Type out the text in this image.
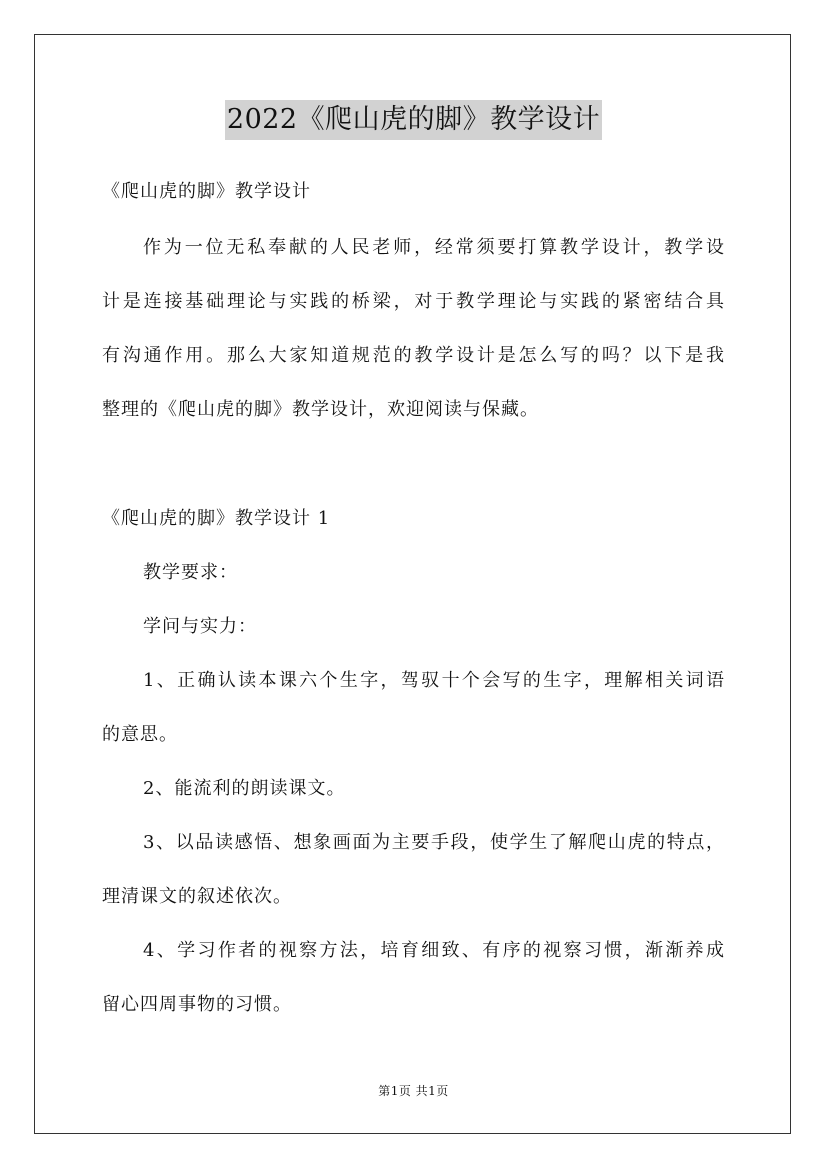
2022《爬山虎的脚》教学设计
《爬山虎的脚》教学设计
作为一位无私奉献的人民老师，经常须要打算教学设计，教学设
计是连接基础理论与实践的桥梁，对于教学理论与实践的紧密结合具
有沟通作用。那么大家知道规范的教学设计是怎么写的吗？以下是我
整理的《爬山虎的脚》教学设计，欢迎阅读与保藏。
《爬山虎的脚》教学设计 1
教学要求：
学问与实力：
1、正确认读本课六个生字，驾驭十个会写的生字，理解相关词语
的意思。
2、能流利的朗读课文。
3、以品读感悟、想象画面为主要手段，使学生了解爬山虎的特点，
理清课文的叙述依次。
4、学习作者的视察方法，培育细致、有序的视察习惯，渐渐养成
留心四周事物的习惯。
第1页 共1页
